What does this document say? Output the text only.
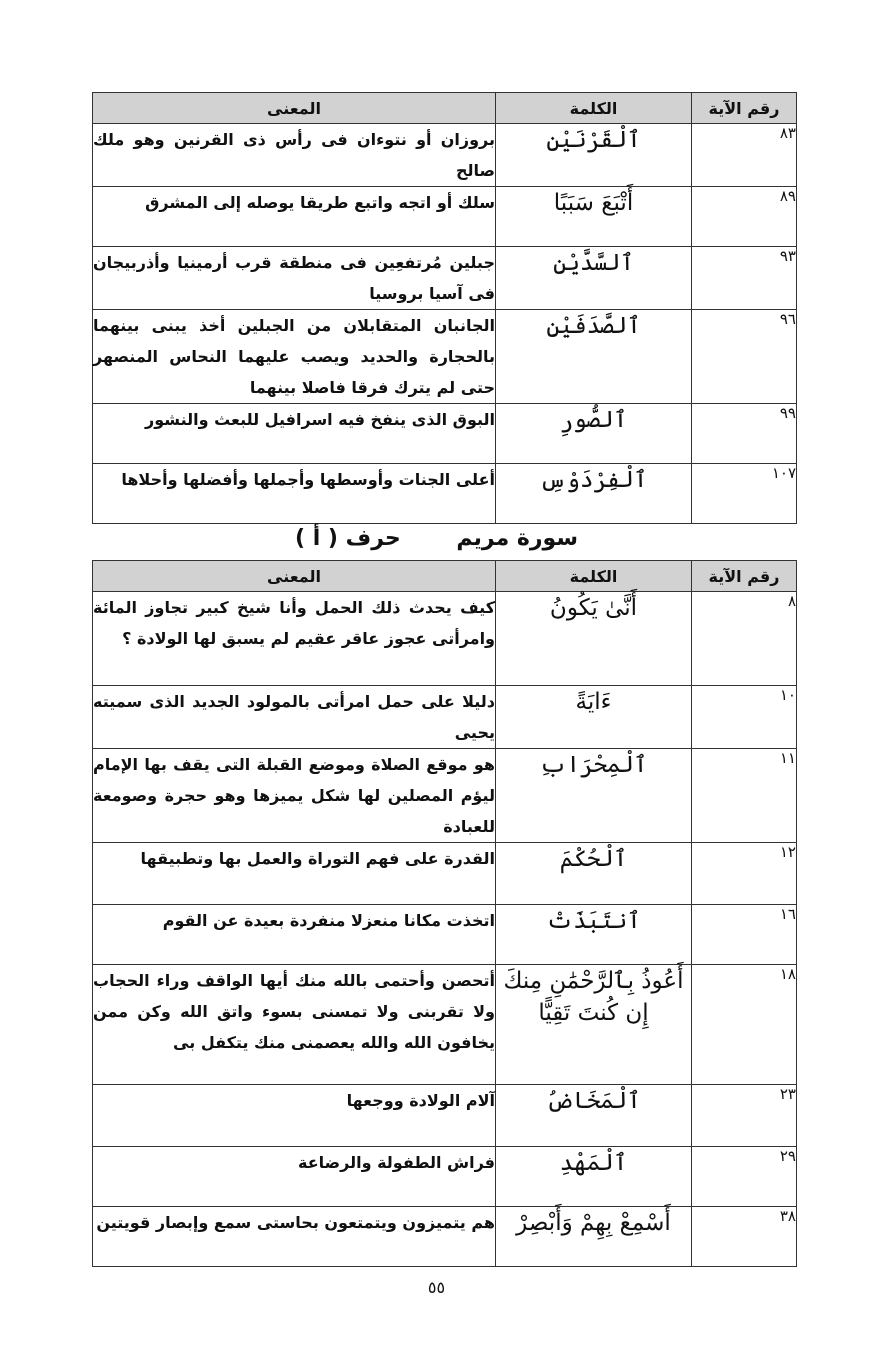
رقم الآية	الكلمة	المعنى
٨٣	ٱلْقَرْنَيْنِ	بروزان أو نتوءان فى رأس ذى القرنين وهو ملك صالح
٨٩	أَتْبَعَ سَبَبًا	سلك أو اتجه واتبع طريقا يوصله إلى المشرق
٩٣	ٱلسَّدَّيْنِ	جبلين مُرتفعِين فى منطقة قرب أرمينيا وأذربيجان فى آسيا بروسيا
٩٦	ٱلصَّدَفَيْنِ	الجانبان المتقابلان من الجبلين أخذ يبنى بينهما بالحجارة والحديد ويصب عليهما النحاس المنصهر حتى لم يترك فرقا فاصلا بينهما
٩٩	ٱلصُّورِ	البوق الذى ينفخ فيه اسرافيل للبعث والنشور
١٠٧	ٱلْفِرْدَوْسِ	أعلى الجنات وأوسطها وأجملها وأفضلها وأحلاها
سورة مريم حرف ( أ )
رقم الآية	الكلمة	المعنى
٨	أَنَّىٰ يَكُونُ	كيف يحدث ذلك الحمل وأنا شيخ كبير تجاوز المائة وامرأتى عجوز عاقر عقيم لم يسبق لها الولادة ؟
١٠	ءَايَةً	دليلا على حمل امرأتى بالمولود الجديد الذى سميته يحيى
١١	ٱلْمِحْرَابِ	هو موقع الصلاة وموضع القبلة التى يقف بها الإمام ليؤم المصلين لها شكل يميزها وهو حجرة وصومعة للعبادة
١٢	ٱلْحُكْمَ	القدرة على فهم التوراة والعمل بها وتطبيقها
١٦	ٱنتَبَذَتْ	اتخذت مكانا منعزلا منفردة بعيدة عن القوم
١٨	أَعُوذُ بِٱلرَّحْمَٰنِ مِنكَ إِن كُنتَ تَقِيًّا	أتحصن وأحتمى بالله منك أيها الواقف وراء الحجاب ولا تقربنى ولا تمسنى بسوء واتق الله وكن ممن يخافون الله والله يعصمنى منك يتكفل بى
٢٣	ٱلْمَخَاضُ	آلام الولادة ووجعها
٢٩	ٱلْمَهْدِ	فراش الطفولة والرضاعة
٣٨	أَسْمِعْ بِهِمْ وَأَبْصِرْ	هم يتميزون ويتمتعون بحاستى سمع وإبصار قويتين
٥٥
